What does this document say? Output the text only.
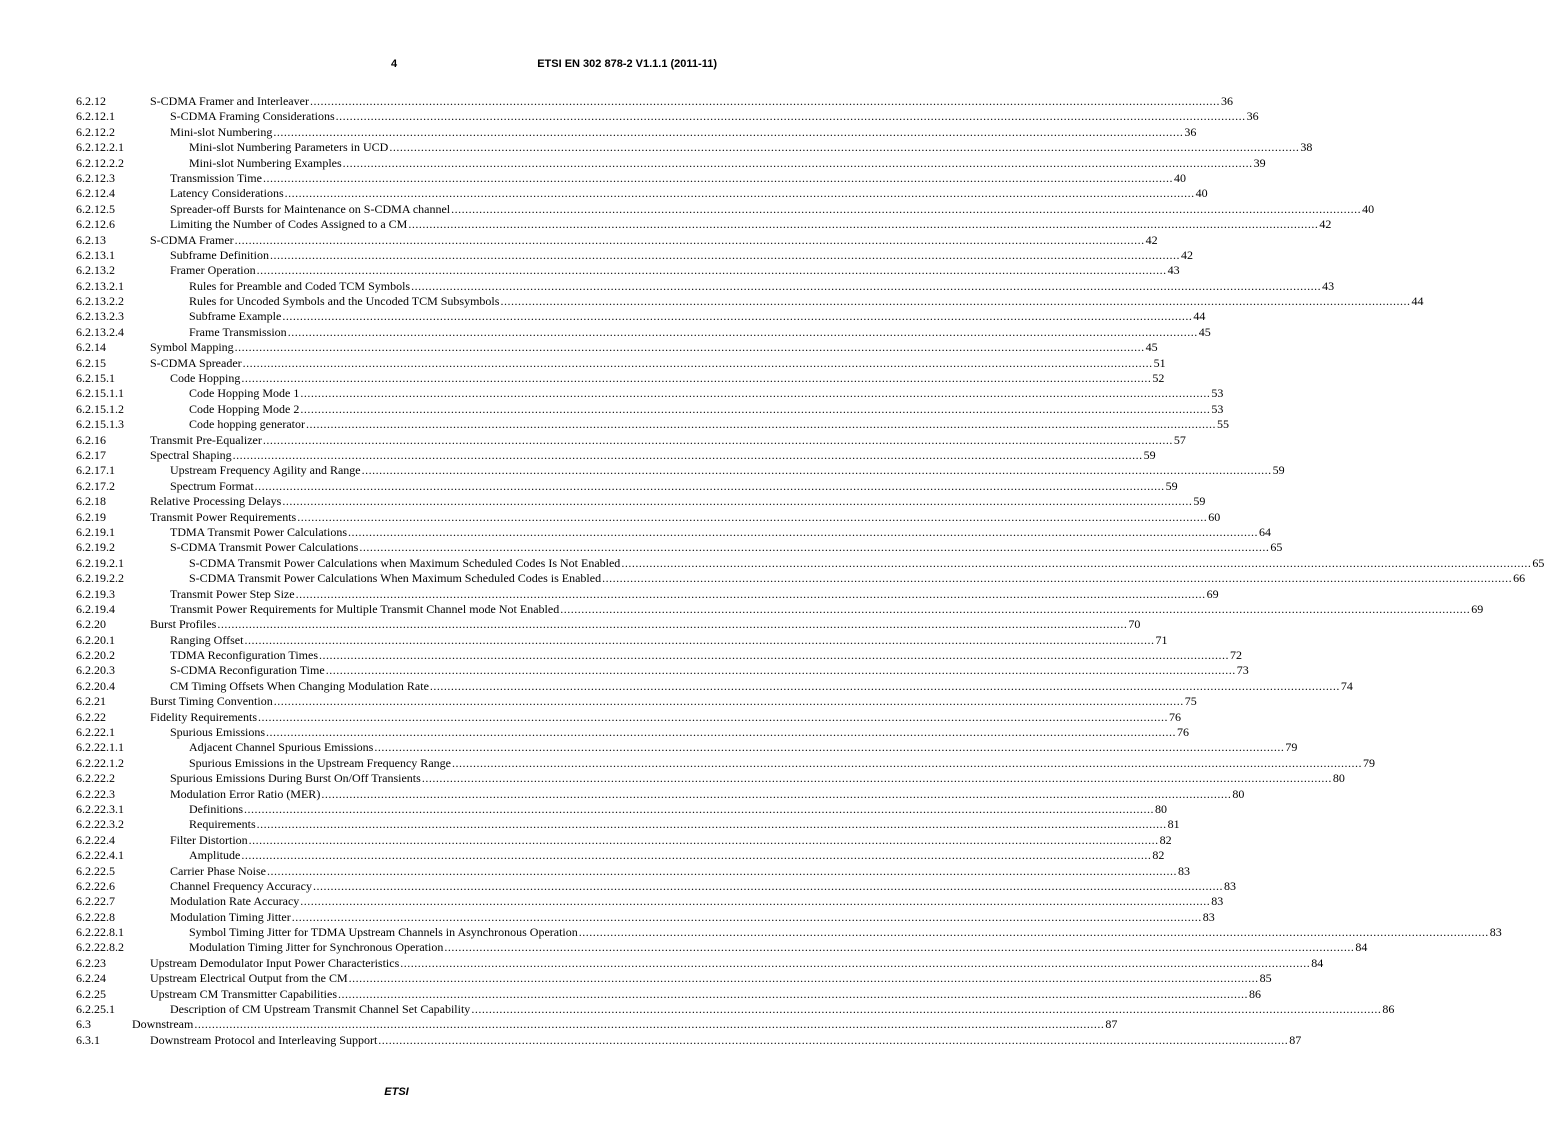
4	ETSI EN 302 878-2 V1.1.1 (2011-11)
6.2.12	S-CDMA Framer and Interleaver .................................................................................................................................................................................................................................................................... 36
6.2.12.1	S-CDMA Framing Considerations .................................................................................................................................................................................................................................................................... 36
6.2.12.2	Mini-slot Numbering .................................................................................................................................................................................................................................................................... 36
6.2.12.2.1	Mini-slot Numbering Parameters in UCD .................................................................................................................................................................................................................................................................... 38
6.2.12.2.2	Mini-slot Numbering Examples .................................................................................................................................................................................................................................................................... 39
6.2.12.3	Transmission Time .................................................................................................................................................................................................................................................................... 40
6.2.12.4	Latency Considerations .................................................................................................................................................................................................................................................................... 40
6.2.12.5	Spreader-off Bursts for Maintenance on S-CDMA channel .................................................................................................................................................................................................................................................................... 40
6.2.12.6	Limiting the Number of Codes Assigned to a CM .................................................................................................................................................................................................................................................................... 42
6.2.13	S-CDMA Framer .................................................................................................................................................................................................................................................................... 42
6.2.13.1	Subframe Definition .................................................................................................................................................................................................................................................................... 42
6.2.13.2	Framer Operation .................................................................................................................................................................................................................................................................... 43
6.2.13.2.1	Rules for Preamble and Coded TCM Symbols .................................................................................................................................................................................................................................................................... 43
6.2.13.2.2	Rules for Uncoded Symbols and the Uncoded TCM Subsymbols .................................................................................................................................................................................................................................................................... 44
6.2.13.2.3	Subframe Example .................................................................................................................................................................................................................................................................... 44
6.2.13.2.4	Frame Transmission .................................................................................................................................................................................................................................................................... 45
6.2.14	Symbol Mapping .................................................................................................................................................................................................................................................................... 45
6.2.15	S-CDMA Spreader .................................................................................................................................................................................................................................................................... 51
6.2.15.1	Code Hopping .................................................................................................................................................................................................................................................................... 52
6.2.15.1.1	Code Hopping Mode 1 .................................................................................................................................................................................................................................................................... 53
6.2.15.1.2	Code Hopping Mode 2 .................................................................................................................................................................................................................................................................... 53
6.2.15.1.3	Code hopping generator .................................................................................................................................................................................................................................................................... 55
6.2.16	Transmit Pre-Equalizer .................................................................................................................................................................................................................................................................... 57
6.2.17	Spectral Shaping .................................................................................................................................................................................................................................................................... 59
6.2.17.1	Upstream Frequency Agility and Range .................................................................................................................................................................................................................................................................... 59
6.2.17.2	Spectrum Format .................................................................................................................................................................................................................................................................... 59
6.2.18	Relative Processing Delays .................................................................................................................................................................................................................................................................... 59
6.2.19	Transmit Power Requirements .................................................................................................................................................................................................................................................................... 60
6.2.19.1	TDMA Transmit Power Calculations .................................................................................................................................................................................................................................................................... 64
6.2.19.2	S-CDMA Transmit Power Calculations .................................................................................................................................................................................................................................................................... 65
6.2.19.2.1	S-CDMA Transmit Power Calculations when Maximum Scheduled Codes Is Not Enabled .................................................................................................................................................................................................................................................................... 65
6.2.19.2.2	S-CDMA Transmit Power Calculations When Maximum Scheduled Codes is Enabled .................................................................................................................................................................................................................................................................... 66
6.2.19.3	Transmit Power Step Size .................................................................................................................................................................................................................................................................... 69
6.2.19.4	Transmit Power Requirements for Multiple Transmit Channel mode Not Enabled .................................................................................................................................................................................................................................................................... 69
6.2.20	Burst Profiles .................................................................................................................................................................................................................................................................... 70
6.2.20.1	Ranging Offset .................................................................................................................................................................................................................................................................... 71
6.2.20.2	TDMA Reconfiguration Times .................................................................................................................................................................................................................................................................... 72
6.2.20.3	S-CDMA Reconfiguration Time .................................................................................................................................................................................................................................................................... 73
6.2.20.4	CM Timing Offsets When Changing Modulation Rate .................................................................................................................................................................................................................................................................... 74
6.2.21	Burst Timing Convention .................................................................................................................................................................................................................................................................... 75
6.2.22	Fidelity Requirements .................................................................................................................................................................................................................................................................... 76
6.2.22.1	Spurious Emissions .................................................................................................................................................................................................................................................................... 76
6.2.22.1.1	Adjacent Channel Spurious Emissions .................................................................................................................................................................................................................................................................... 79
6.2.22.1.2	Spurious Emissions in the Upstream Frequency Range .................................................................................................................................................................................................................................................................... 79
6.2.22.2	Spurious Emissions During Burst On/Off Transients .................................................................................................................................................................................................................................................................... 80
6.2.22.3	Modulation Error Ratio (MER) .................................................................................................................................................................................................................................................................... 80
6.2.22.3.1	Definitions .................................................................................................................................................................................................................................................................... 80
6.2.22.3.2	Requirements .................................................................................................................................................................................................................................................................... 81
6.2.22.4	Filter Distortion .................................................................................................................................................................................................................................................................... 82
6.2.22.4.1	Amplitude .................................................................................................................................................................................................................................................................... 82
6.2.22.5	Carrier Phase Noise .................................................................................................................................................................................................................................................................... 83
6.2.22.6	Channel Frequency Accuracy .................................................................................................................................................................................................................................................................... 83
6.2.22.7	Modulation Rate Accuracy .................................................................................................................................................................................................................................................................... 83
6.2.22.8	Modulation Timing Jitter .................................................................................................................................................................................................................................................................... 83
6.2.22.8.1	Symbol Timing Jitter for TDMA Upstream Channels in Asynchronous Operation .................................................................................................................................................................................................................................................................... 83
6.2.22.8.2	Modulation Timing Jitter for Synchronous Operation .................................................................................................................................................................................................................................................................... 84
6.2.23	Upstream Demodulator Input Power Characteristics .................................................................................................................................................................................................................................................................... 84
6.2.24	Upstream Electrical Output from the CM .................................................................................................................................................................................................................................................................... 85
6.2.25	Upstream CM Transmitter Capabilities .................................................................................................................................................................................................................................................................... 86
6.2.25.1	Description of CM Upstream Transmit Channel Set Capability .................................................................................................................................................................................................................................................................... 86
6.3	Downstream .................................................................................................................................................................................................................................................................... 87
6.3.1	Downstream Protocol and Interleaving Support .................................................................................................................................................................................................................................................................... 87
ETSI
